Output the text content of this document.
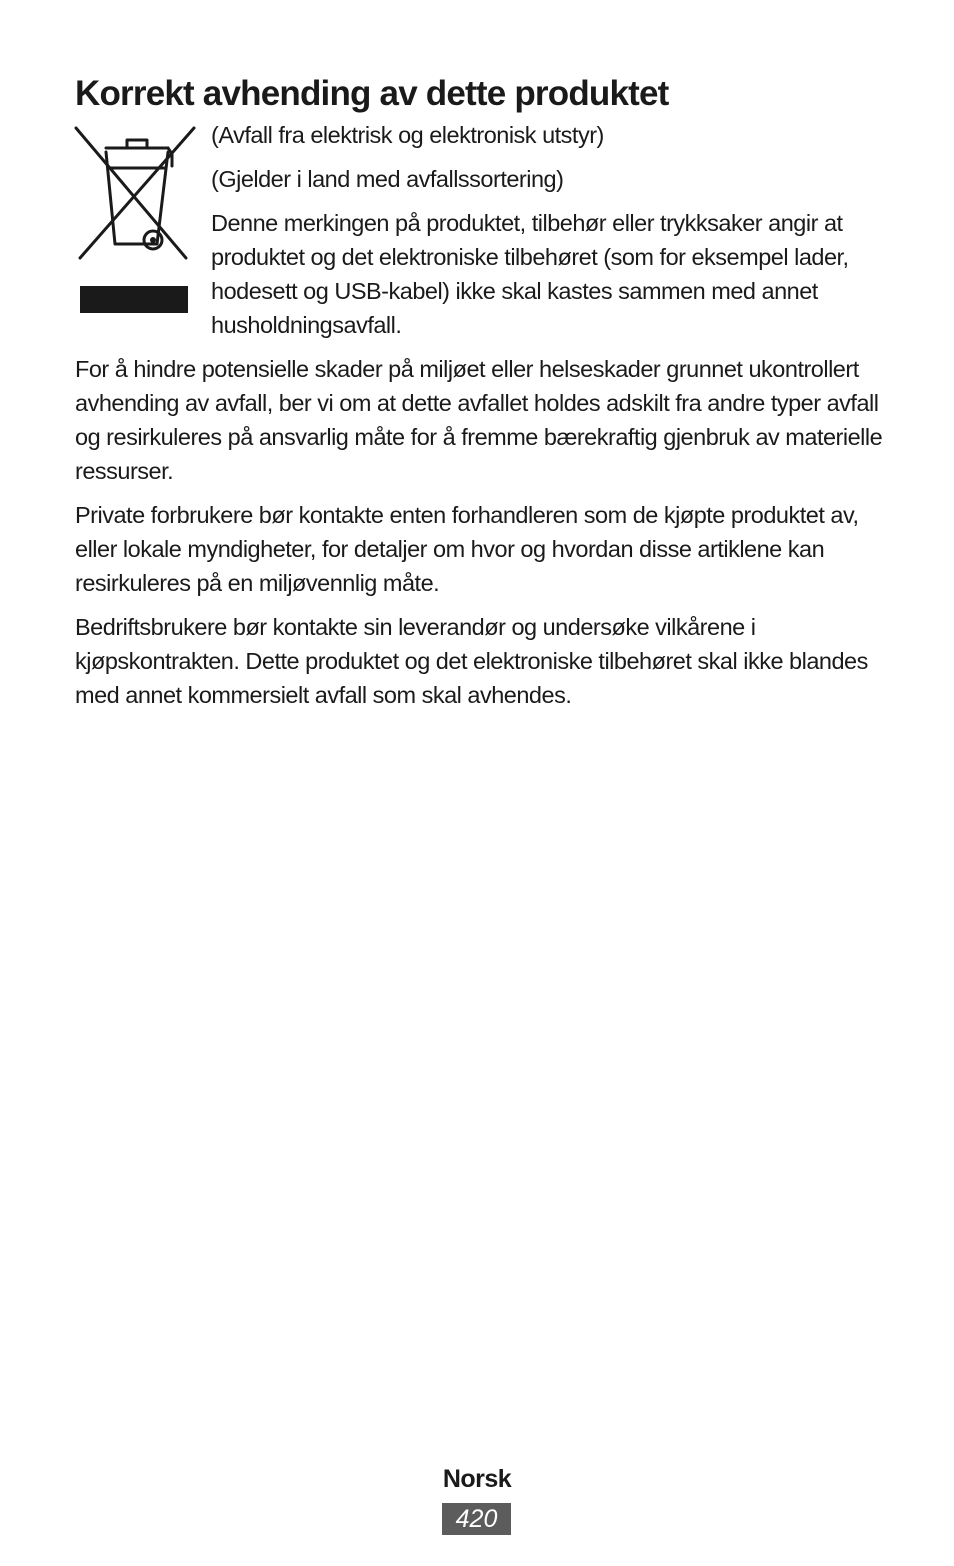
Korrekt avhending av dette produktet

(Avfall fra elektrisk og elektronisk utstyr)

(Gjelder i land med avfallssortering)

Denne merkingen på produktet, tilbehør eller trykksaker angir at produktet og det elektroniske tilbehøret (som for eksempel lader, hodesett og USB-kabel) ikke skal kastes sammen med annet husholdningsavfall.

For å hindre potensielle skader på miljøet eller helseskader grunnet ukontrollert avhending av avfall, ber vi om at dette avfallet holdes adskilt fra andre typer avfall og resirkuleres på ansvarlig måte for å fremme bærekraftig gjenbruk av materielle ressurser.

Private forbrukere bør kontakte enten forhandleren som de kjøpte produktet av, eller lokale myndigheter, for detaljer om hvor og hvordan disse artiklene kan resirkuleres på en miljøvennlig måte.

Bedriftsbrukere bør kontakte sin leverandør og undersøke vilkårene i kjøpskontrakten. Dette produktet og det elektroniske tilbehøret skal ikke blandes med annet kommersielt avfall som skal avhendes.

Norsk
420
